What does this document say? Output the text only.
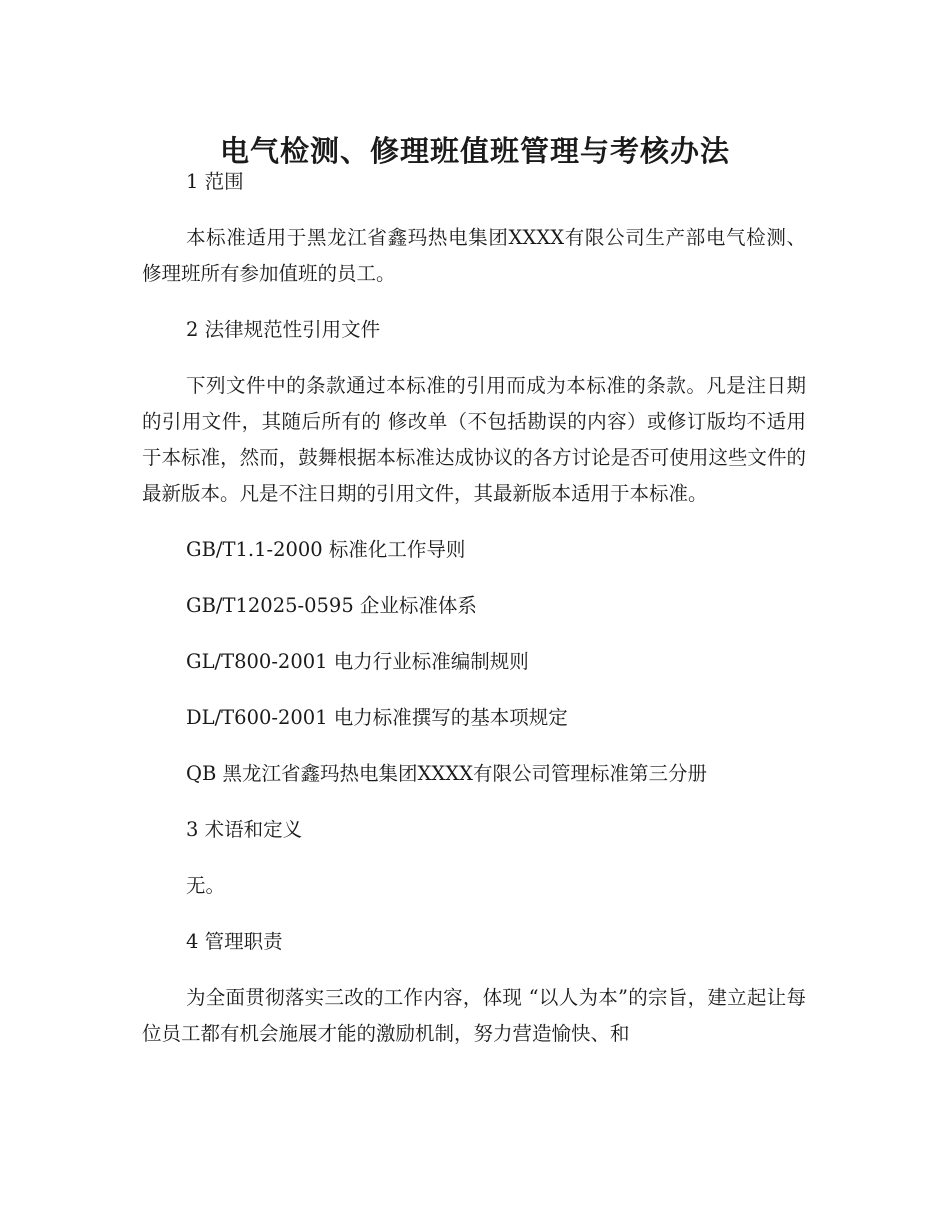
电气检测、修理班值班管理与考核办法

1 范围

本标准适用于黑龙江省鑫玛热电集团XXXX有限公司生产部电气检测、修理班所有参加值班的员工。

2 法律规范性引用文件

下列文件中的条款通过本标准的引用而成为本标准的条款。凡是注日期的引用文件，其随后所有的 修改单（不包括勘误的内容）或修订版均不适用于本标准，然而，鼓舞根据本标准达成协议的各方讨论是否可使用这些文件的最新版本。凡是不注日期的引用文件，其最新版本适用于本标准。

GB/T1.1-2000 标准化工作导则

GB/T12025-0595 企业标准体系

GL/T800-2001 电力行业标准编制规则

DL/T600-2001 电力标准撰写的基本项规定

QB 黑龙江省鑫玛热电集团XXXX有限公司管理标准第三分册

3 术语和定义

无。

4 管理职责

为全面贯彻落实三改的工作内容，体现 “以人为本”的宗旨，建立起让每位员工都有机会施展才能的激励机制，努力营造愉快、和
